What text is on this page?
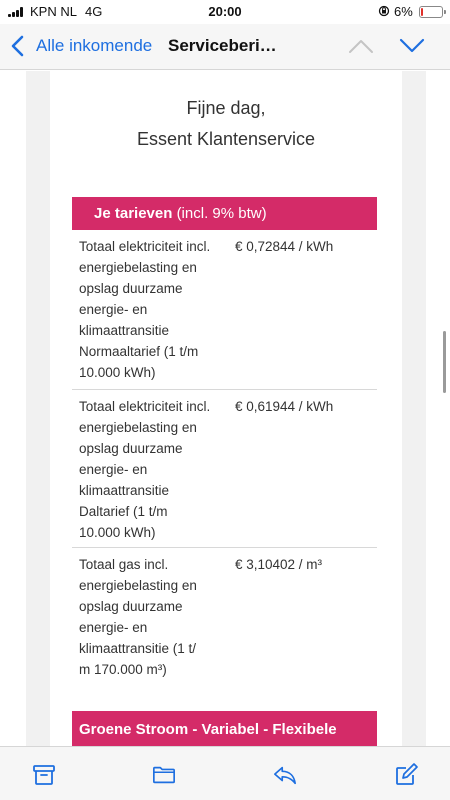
KPN NL 4G	20:00	6%
Alle inkomende Serviceberi…
Fijne dag,
Essent Klantenservice
Je tarieven (incl. 9% btw)
Totaal elektriciteit incl.
energiebelasting en
opslag duurzame
energie- en
klimaattransitie
Normaaltarief (1 t/m
10.000 kWh)
€ 0,72844 / kWh
Totaal elektriciteit incl.
energiebelasting en
opslag duurzame
energie- en
klimaattransitie
Daltarief (1 t/m
10.000 kWh)
€ 0,61944 / kWh
Totaal gas incl.
energiebelasting en
opslag duurzame
energie- en
klimaattransitie (1 t/
m 170.000 m³)
€ 3,10402 / m³
Groene Stroom - Variabel - Flexibele
